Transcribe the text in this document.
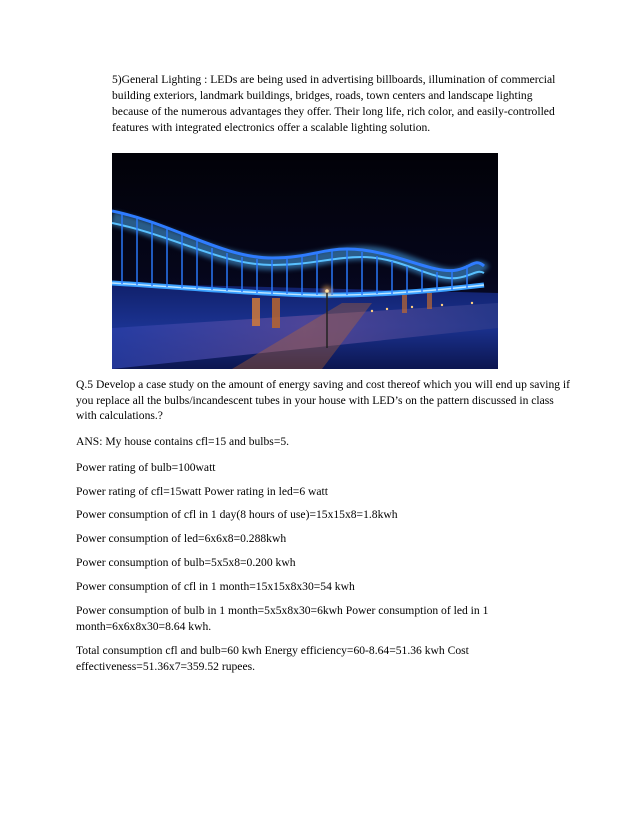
5)General Lighting : LEDs are being used in advertising billboards, illumination of commercial building exteriors, landmark buildings, bridges, roads, town centers and landscape lighting because of the numerous advantages they offer. Their long life, rich color, and easily-controlled features with integrated electronics offer a scalable lighting solution.

Q.5 Develop a case study on the amount of energy saving and cost thereof which you will end up saving if you replace all the bulbs/incandescent tubes in your house with LED’s on the pattern discussed in class with calculations.?

ANS: My house contains cfl=15 and bulbs=5.

Power rating of bulb=100watt

Power rating of cfl=15watt Power rating in led=6 watt

Power consumption of cfl in 1 day(8 hours of use)=15x15x8=1.8kwh

Power consumption of led=6x6x8=0.288kwh

Power consumption of bulb=5x5x8=0.200 kwh

Power consumption of cfl in 1 month=15x15x8x30=54 kwh

Power consumption of bulb in 1 month=5x5x8x30=6kwh Power consumption of led in 1 month=6x6x8x30=8.64 kwh.

Total consumption cfl and bulb=60 kwh Energy efficiency=60-8.64=51.36 kwh Cost effectiveness=51.36x7=359.52 rupees.
